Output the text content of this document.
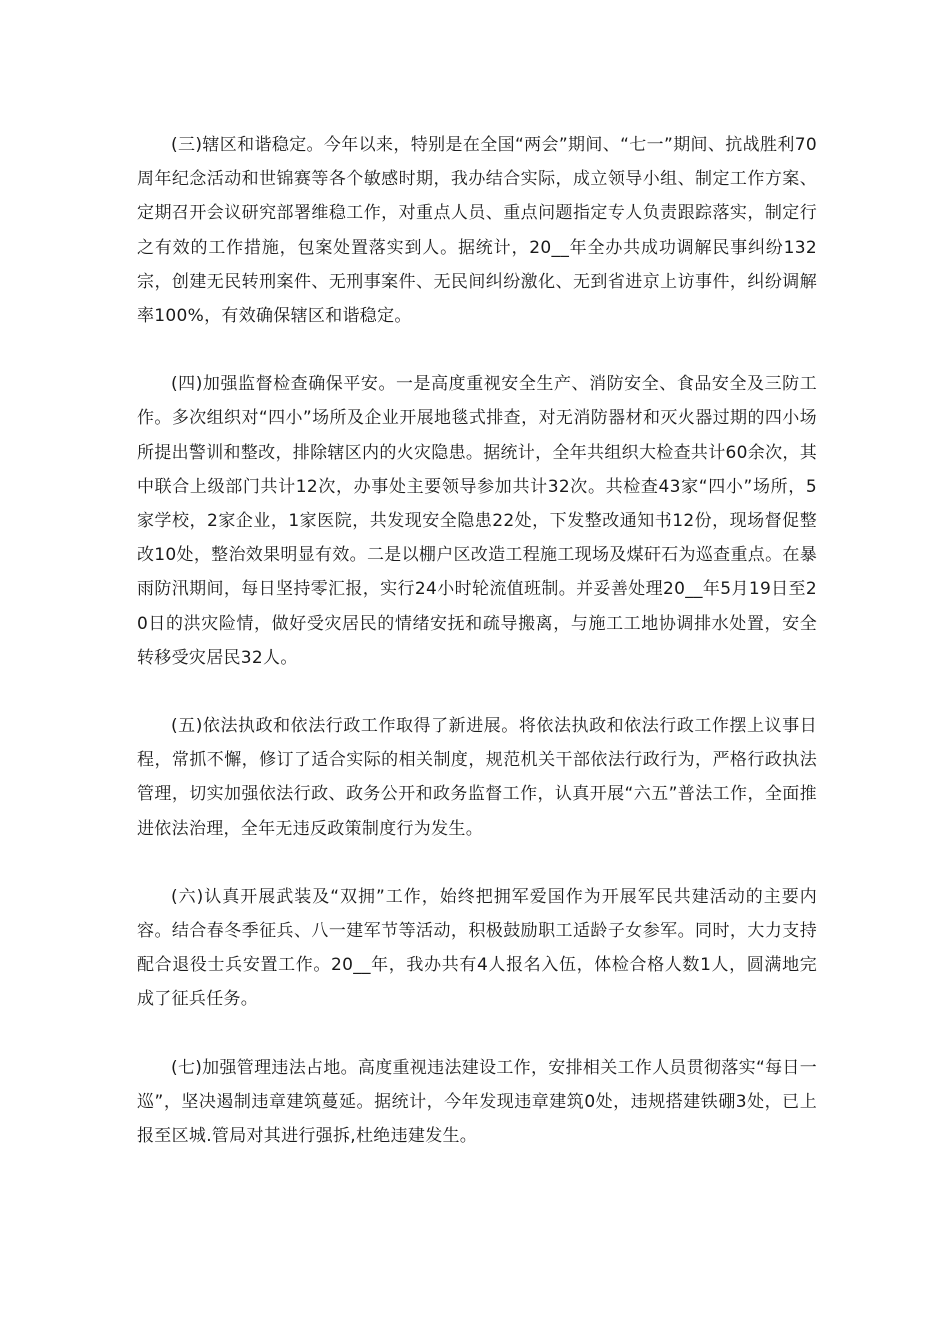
(三)辖区和谐稳定。今年以来，特别是在全国“两会”期间、“七一”期间、抗战胜利70周年纪念活动和世锦赛等各个敏感时期，我办结合实际，成立领导小组、制定工作方案、定期召开会议研究部署维稳工作，对重点人员、重点问题指定专人负责跟踪落实，制定行之有效的工作措施，包案处置落实到人。据统计，20__年全办共成功调解民事纠纷132宗，创建无民转刑案件、无刑事案件、无民间纠纷激化、无到省进京上访事件，纠纷调解率100%，有效确保辖区和谐稳定。

(四)加强监督检查确保平安。一是高度重视安全生产、消防安全、食品安全及三防工作。多次组织对“四小”场所及企业开展地毯式排查，对无消防器材和灭火器过期的四小场所提出警训和整改，排除辖区内的火灾隐患。据统计，全年共组织大检查共计60余次，其中联合上级部门共计12次，办事处主要领导参加共计32次。共检查43家“四小”场所，5家学校，2家企业，1家医院，共发现安全隐患22处，下发整改通知书12份，现场督促整改10处，整治效果明显有效。二是以棚户区改造工程施工现场及煤矸石为巡查重点。在暴雨防汛期间，每日坚持零汇报，实行24小时轮流值班制。并妥善处理20__年5月19日至20日的洪灾险情，做好受灾居民的情绪安抚和疏导搬离，与施工工地协调排水处置，安全转移受灾居民32人。

(五)依法执政和依法行政工作取得了新进展。将依法执政和依法行政工作摆上议事日程，常抓不懈，修订了适合实际的相关制度，规范机关干部依法行政行为，严格行政执法管理，切实加强依法行政、政务公开和政务监督工作，认真开展“六五”普法工作，全面推进依法治理，全年无违反政策制度行为发生。

(六)认真开展武装及“双拥”工作，始终把拥军爱国作为开展军民共建活动的主要内容。结合春冬季征兵、八一建军节等活动，积极鼓励职工适龄子女参军。同时，大力支持配合退役士兵安置工作。20__年，我办共有4人报名入伍，体检合格人数1人，圆满地完成了征兵任务。

(七)加强管理违法占地。高度重视违法建设工作，安排相关工作人员贯彻落实“每日一巡”，坚决遏制违章建筑蔓延。据统计，今年发现违章建筑0处，违规搭建铁硼3处，已上报至区城.管局对其进行强拆,杜绝违建发生。
